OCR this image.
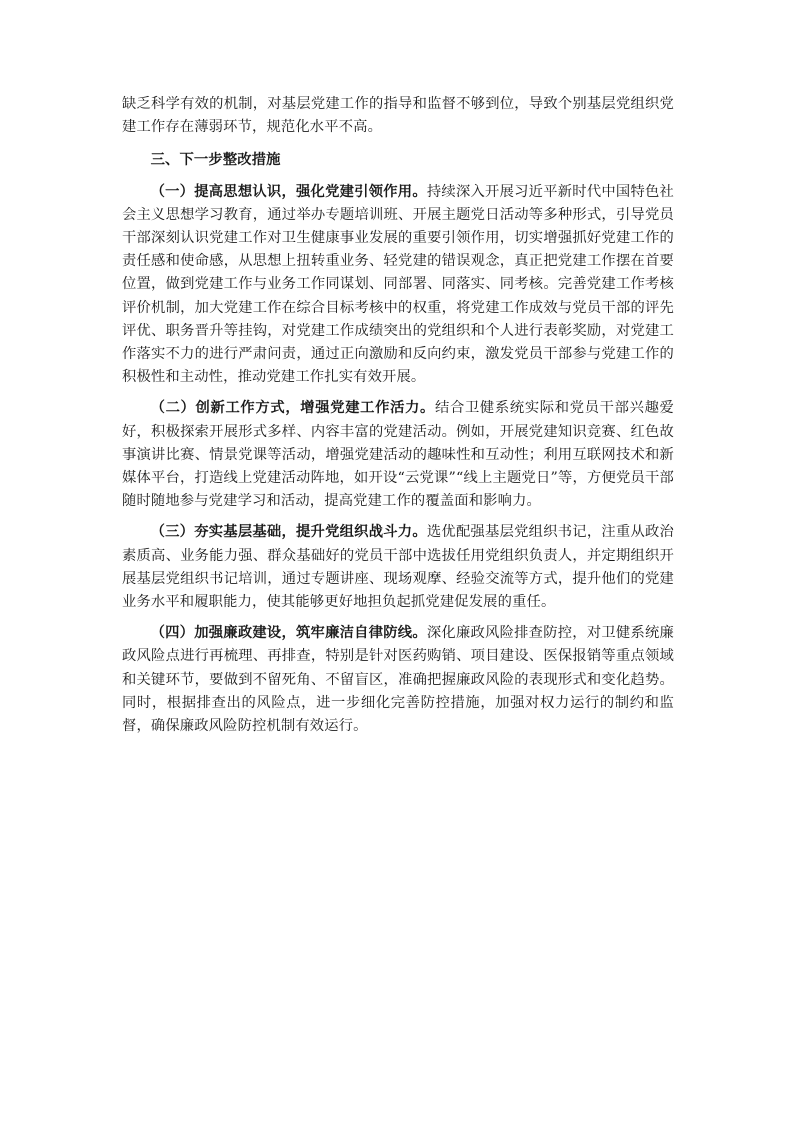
缺乏科学有效的机制，对基层党建工作的指导和监督不够到位，导致个别基层党组织党建工作存在薄弱环节，规范化水平不高。

三、下一步整改措施

（一）提高思想认识，强化党建引领作用。持续深入开展习近平新时代中国特色社会主义思想学习教育，通过举办专题培训班、开展主题党日活动等多种形式，引导党员干部深刻认识党建工作对卫生健康事业发展的重要引领作用，切实增强抓好党建工作的责任感和使命感，从思想上扭转重业务、轻党建的错误观念，真正把党建工作摆在首要位置，做到党建工作与业务工作同谋划、同部署、同落实、同考核。完善党建工作考核评价机制，加大党建工作在综合目标考核中的权重，将党建工作成效与党员干部的评先评优、职务晋升等挂钩，对党建工作成绩突出的党组织和个人进行表彰奖励，对党建工作落实不力的进行严肃问责，通过正向激励和反向约束，激发党员干部参与党建工作的积极性和主动性，推动党建工作扎实有效开展。

（二）创新工作方式，增强党建工作活力。结合卫健系统实际和党员干部兴趣爱好，积极探索开展形式多样、内容丰富的党建活动。例如，开展党建知识竞赛、红色故事演讲比赛、情景党课等活动，增强党建活动的趣味性和互动性；利用互联网技术和新媒体平台，打造线上党建活动阵地，如开设“云党课”“线上主题党日”等，方便党员干部随时随地参与党建学习和活动，提高党建工作的覆盖面和影响力。

（三）夯实基层基础，提升党组织战斗力。选优配强基层党组织书记，注重从政治素质高、业务能力强、群众基础好的党员干部中选拔任用党组织负责人，并定期组织开展基层党组织书记培训，通过专题讲座、现场观摩、经验交流等方式，提升他们的党建业务水平和履职能力，使其能够更好地担负起抓党建促发展的重任。

（四）加强廉政建设，筑牢廉洁自律防线。深化廉政风险排查防控，对卫健系统廉政风险点进行再梳理、再排查，特别是针对医药购销、项目建设、医保报销等重点领域和关键环节，要做到不留死角、不留盲区，准确把握廉政风险的表现形式和变化趋势。同时，根据排查出的风险点，进一步细化完善防控措施，加强对权力运行的制约和监督，确保廉政风险防控机制有效运行。
